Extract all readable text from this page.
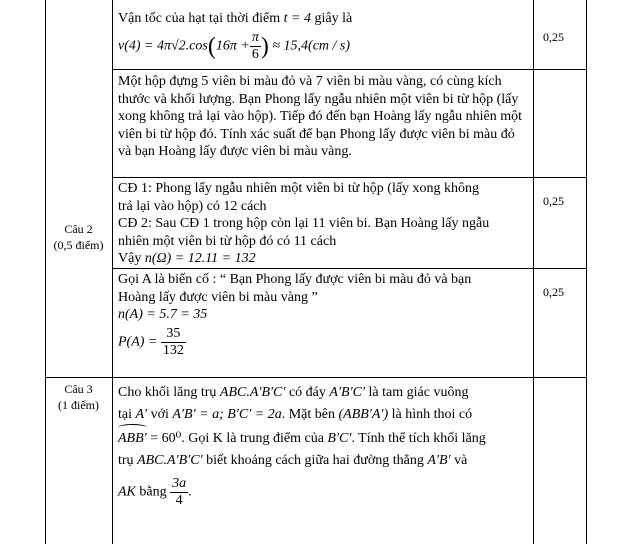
Vận tốc của hạt tại thời điểm t = 4 giây là
$v(4) = 4\pi√2.\cos(16\pi + \frac{\pi}{6}$ ) ≈ 15,4(cm / s)
0,25
Một hộp đựng 5 viên bi màu đỏ và 7 viên bi màu vàng, có cùng kích thước và khối lượng. Bạn Phong lấy ngẫu nhiên một viên bi từ hộp (lấy xong không trả lại vào hộp). Tiếp đó đến bạn Hoàng lấy ngẫu nhiên một viên bi từ hộp đó. Tính xác suất để bạn Phong lấy được viên bi màu đỏ và bạn Hoàng lấy được viên bi màu vàng.
Câu 2
(0,5 điểm)
CĐ 1: Phong lấy ngẫu nhiên một viên bi từ hộp (lấy xong không
trả lại vào hộp) có 12 cách
CĐ 2: Sau CĐ 1 trong hộp còn lại 11 viên bi. Bạn Hoàng lấy ngẫu
nhiên một viên bi từ hộp đó có 11 cách
Vậy n(Ω) = 12.11 = 132
0,25
Gọi A là biến cố : “ Bạn Phong lấy được viên bi màu đỏ và bạn
Hoàng lấy được viên bi màu vàng ”
n(A) = 5.7 = 35
$P(A) = \frac{35}{132}$
0,25
Câu 3
(1 điểm)
Cho khối lăng trụ ABC.A′B′C′ có đáy A′B′C′ là tam giác vuông
tại A′ với A′B′ = a; B′C′ = 2a. Mặt bên (ABB′A′) là hình thoi có
ABB′ = 60⁰. Gọi K là trung điểm của B′C′. Tính thể tích khối lăng
trụ ABC.A′B′C′ biết khoảng cách giữa hai đường thẳng A′B′ và
AK bằng $\frac{3a}{4}$ .
